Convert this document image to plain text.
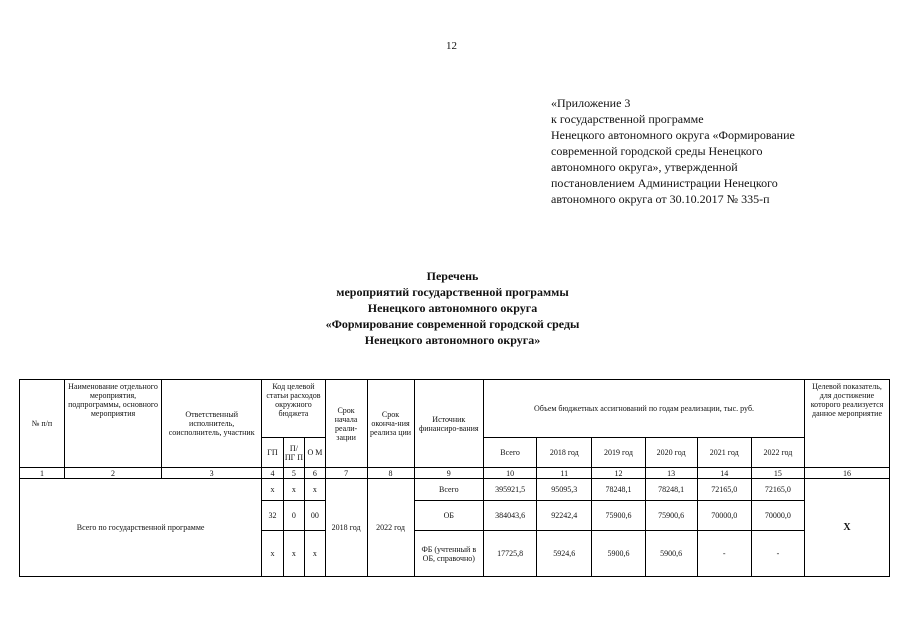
12
«Приложение 3
к государственной программе
Ненецкого автономного округа «Формирование
современной городской среды Ненецкого
автономного округа», утвержденной
постановлением Администрации Ненецкого
автономного округа от 30.10.2017 № 335-п
Перечень
мероприятий государственной программы
Ненецкого автономного округа
«Формирование современной городской среды
Ненецкого автономного округа»
№ п/п	Наименование отдельного мероприятия, подпрограммы, основного мероприятия	Ответственный исполнитель, соисполнитель, участник	Код целевой статьи расходов окружного бюджета			Срок начала реали-зации	Срок оконча-ния реализа ции	Источник финансиро-вания	Объем бюджетных ассигнований по годам реализации, тыс. руб.						Целевой показатель, для достижение которого реализуется данное мероприятие
			ГП	П/ ПГ П	О М				Всего	2018 год	2019 год	2020 год	2021 год	2022 год	
1	2	3	4	5	6	7	8	9	10	11	12	13	14	15	16
Всего по государственной программе			х	х	х	2018 год	2022 год	Всего	395921,5	95095,3	78248,1	78248,1	72165,0	72165,0	Х
			32	0	00			ОБ	384043,6	92242,4	75900,6	75900,6	70000,0	70000,0	
			х	х	х			ФБ (учтенный в ОБ, справочно)	17725,8	5924,6	5900,6	5900,6	-	-	
